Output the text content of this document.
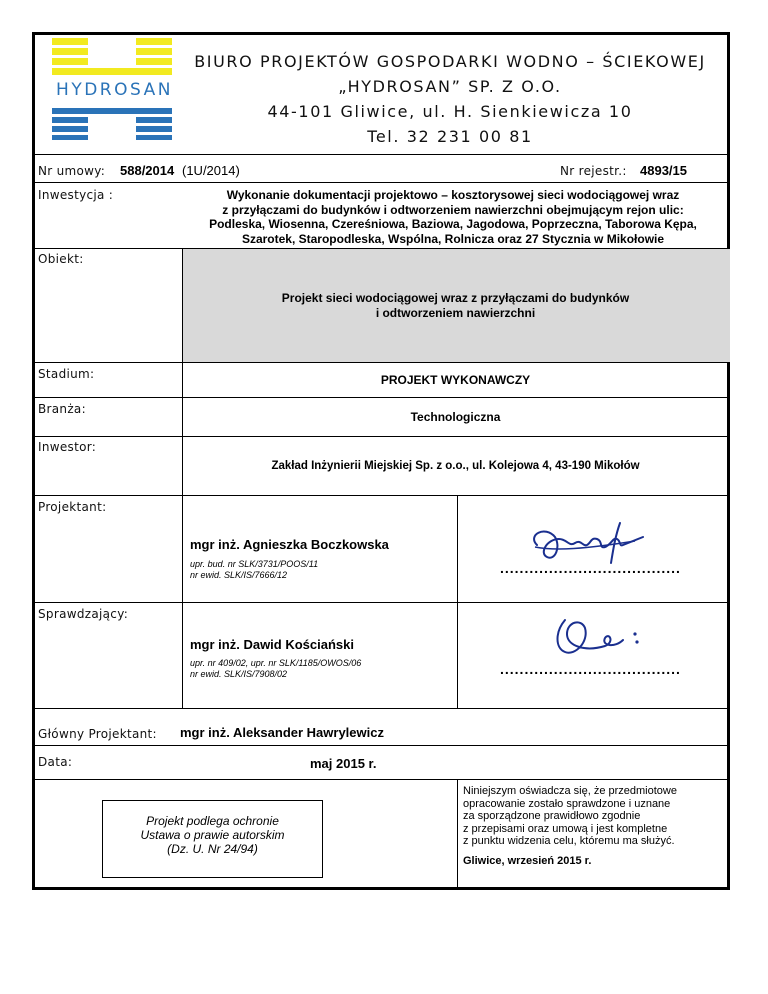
HYDROSAN
BIURO PROJEKTÓW GOSPODARKI WODNO – ŚCIEKOWEJ
„HYDROSAN” SP. Z O.O.
44-101 Gliwice, ul. H. Sienkiewicza 10
Tel. 32 231 00 81
Nr umowy: 588/2014 (1U/2014)	Nr rejestr.: 4893/15
Inwestycja :	Wykonanie dokumentacji projektowo – kosztorysowej sieci wodociągowej wraz
z przyłączami do budynków i odtworzeniem nawierzchni obejmującym rejon ulic:
Podleska, Wiosenna, Czereśniowa, Baziowa, Jagodowa, Poprzeczna, Taborowa Kępa,
Szarotek, Staropodleska, Wspólna, Rolnicza oraz 27 Stycznia w Mikołowie
Obiekt:
Projekt sieci wodociągowej wraz z przyłączami do budynków
i odtworzeniem nawierzchni
Stadium:	PROJEKT WYKONAWCZY
Branża:
Technologiczna
Inwestor:
Zakład Inżynierii Miejskiej Sp. z o.o., ul. Kolejowa 4, 43-190 Mikołów
Projektant:
mgr inż. Agnieszka Boczkowska
upr. bud. nr SLK/3731/POOS/11
nr ewid. SLK/IS/7666/12	.....................................
Sprawdzający:
mgr inż. Dawid Kościański
upr. nr 409/02, upr. nr SLK/1185/OWOS/06
nr ewid. SLK/IS/7908/02	.....................................
Główny Projektant: mgr inż. Aleksander Hawrylewicz
Data:	maj 2015 r.
Projekt podlega ochronie
Ustawa o prawie autorskim
(Dz. U. Nr 24/94)
Niniejszym oświadcza się, że przedmiotowe
opracowanie zostało sprawdzone i uznane
za sporządzone prawidłowo zgodnie
z przepisami oraz umową i jest kompletne
z punktu widzenia celu, któremu ma służyć.
Gliwice, wrzesień 2015 r.
